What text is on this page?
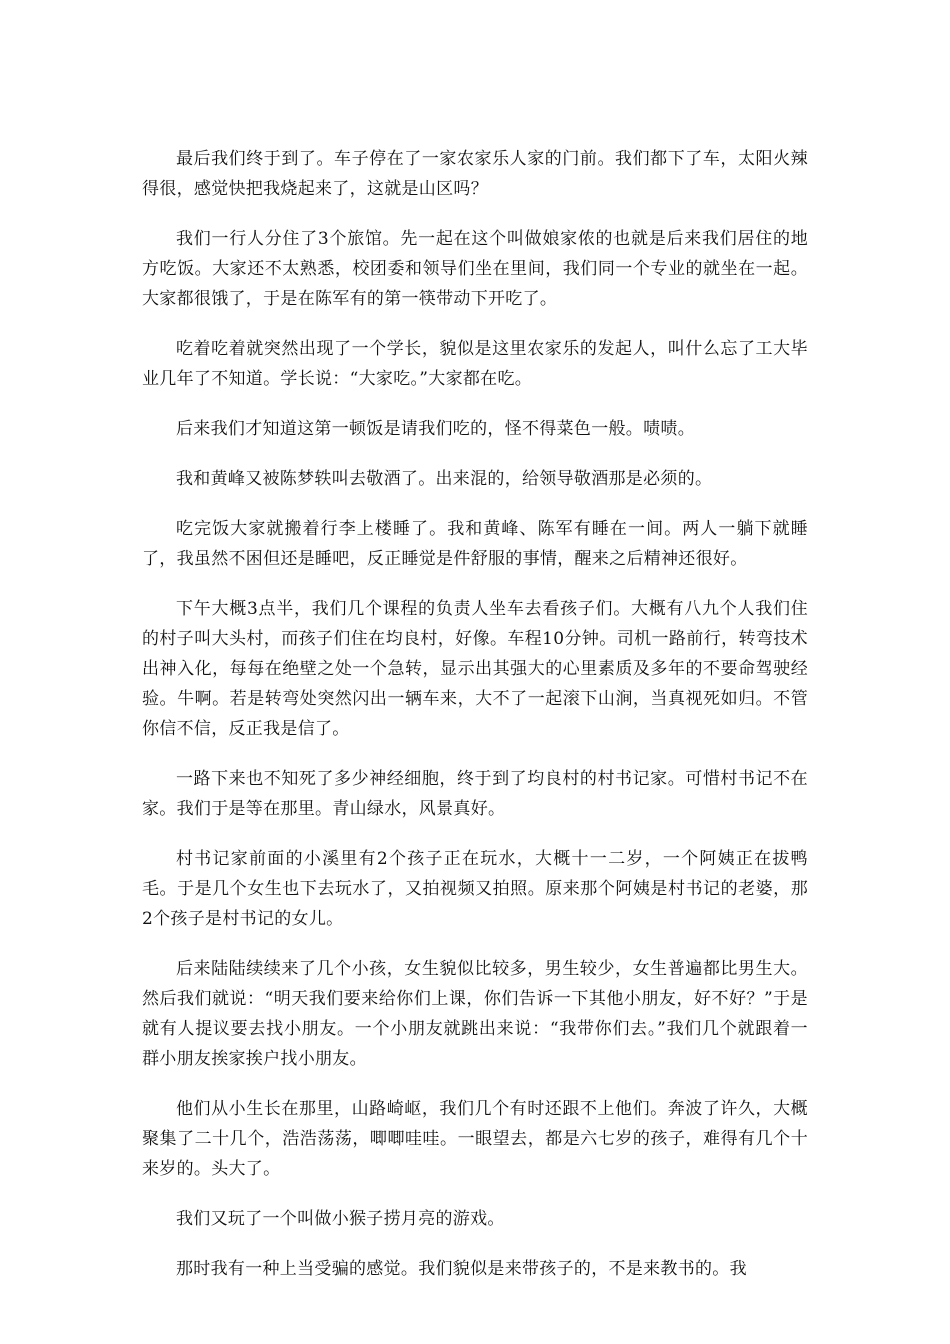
最后我们终于到了。车子停在了一家农家乐人家的门前。我们都下了车，太阳火辣得很，感觉快把我烧起来了，这就是山区吗？

我们一行人分住了3个旅馆。先一起在这个叫做娘家侬的也就是后来我们居住的地方吃饭。大家还不太熟悉，校团委和领导们坐在里间，我们同一个专业的就坐在一起。大家都很饿了，于是在陈军有的第一筷带动下开吃了。

吃着吃着就突然出现了一个学长，貌似是这里农家乐的发起人，叫什么忘了工大毕业几年了不知道。学长说：“大家吃。”大家都在吃。

后来我们才知道这第一顿饭是请我们吃的，怪不得菜色一般。啧啧。

我和黄峰又被陈梦轶叫去敬酒了。出来混的，给领导敬酒那是必须的。

吃完饭大家就搬着行李上楼睡了。我和黄峰、陈军有睡在一间。两人一躺下就睡了，我虽然不困但还是睡吧，反正睡觉是件舒服的事情，醒来之后精神还很好。

下午大概3点半，我们几个课程的负责人坐车去看孩子们。大概有八九个人我们住的村子叫大头村，而孩子们住在均良村，好像。车程10分钟。司机一路前行，转弯技术出神入化，每每在绝壁之处一个急转，显示出其强大的心里素质及多年的不要命驾驶经验。牛啊。若是转弯处突然闪出一辆车来，大不了一起滚下山涧，当真视死如归。不管你信不信，反正我是信了。

一路下来也不知死了多少神经细胞，终于到了均良村的村书记家。可惜村书记不在家。我们于是等在那里。青山绿水，风景真好。

村书记家前面的小溪里有2个孩子正在玩水，大概十一二岁，一个阿姨正在拔鸭毛。于是几个女生也下去玩水了，又拍视频又拍照。原来那个阿姨是村书记的老婆，那2个孩子是村书记的女儿。

后来陆陆续续来了几个小孩，女生貌似比较多，男生较少，女生普遍都比男生大。然后我们就说：“明天我们要来给你们上课，你们告诉一下其他小朋友，好不好？”于是就有人提议要去找小朋友。一个小朋友就跳出来说：“我带你们去。”我们几个就跟着一群小朋友挨家挨户找小朋友。

他们从小生长在那里，山路崎岖，我们几个有时还跟不上他们。奔波了许久，大概聚集了二十几个，浩浩荡荡，唧唧哇哇。一眼望去，都是六七岁的孩子，难得有几个十来岁的。头大了。

我们又玩了一个叫做小猴子捞月亮的游戏。

那时我有一种上当受骗的感觉。我们貌似是来带孩子的，不是来教书的。我
